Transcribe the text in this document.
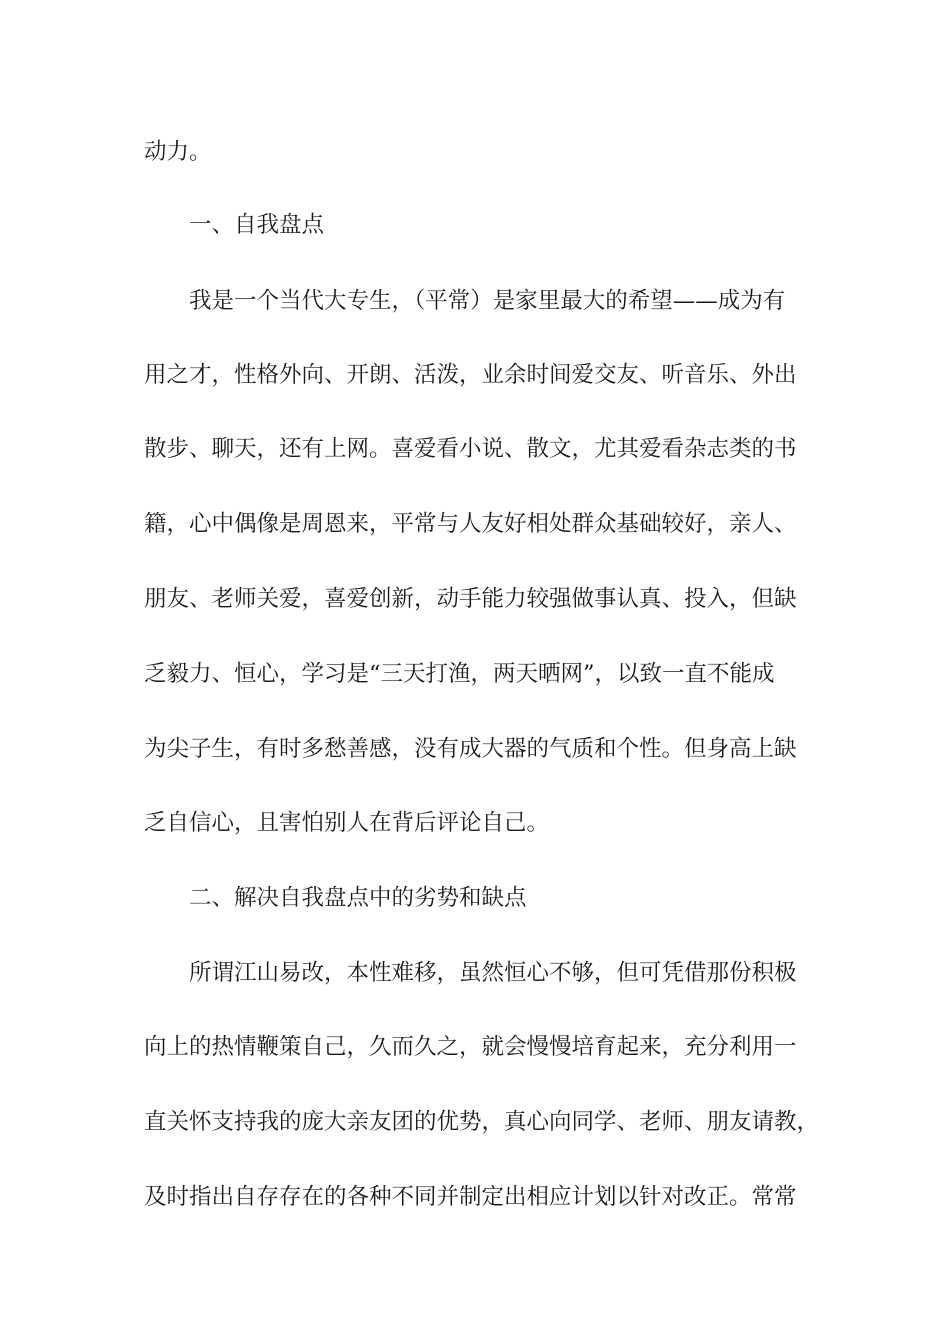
动力。
一、自我盘点
我是一个当代大专生，（平常）是家里最大的希望——成为有
用之才，性格外向、开朗、活泼，业余时间爱交友、听音乐、外出
散步、聊天，还有上网。喜爱看小说、散文，尤其爱看杂志类的书
籍，心中偶像是周恩来，平常与人友好相处群众基础较好，亲人、
朋友、老师关爱，喜爱创新，动手能力较强做事认真、投入，但缺
乏毅力、恒心，学习是“三天打渔，两天晒网”，以致一直不能成
为尖子生，有时多愁善感，没有成大器的气质和个性。但身高上缺
乏自信心，且害怕别人在背后评论自己。
二、解决自我盘点中的劣势和缺点
所谓江山易改，本性难移，虽然恒心不够，但可凭借那份积极
向上的热情鞭策自己，久而久之，就会慢慢培育起来，充分利用一
直关怀支持我的庞大亲友团的优势，真心向同学、老师、朋友请教，
及时指出自存存在的各种不同并制定出相应计划以针对改正。常常
